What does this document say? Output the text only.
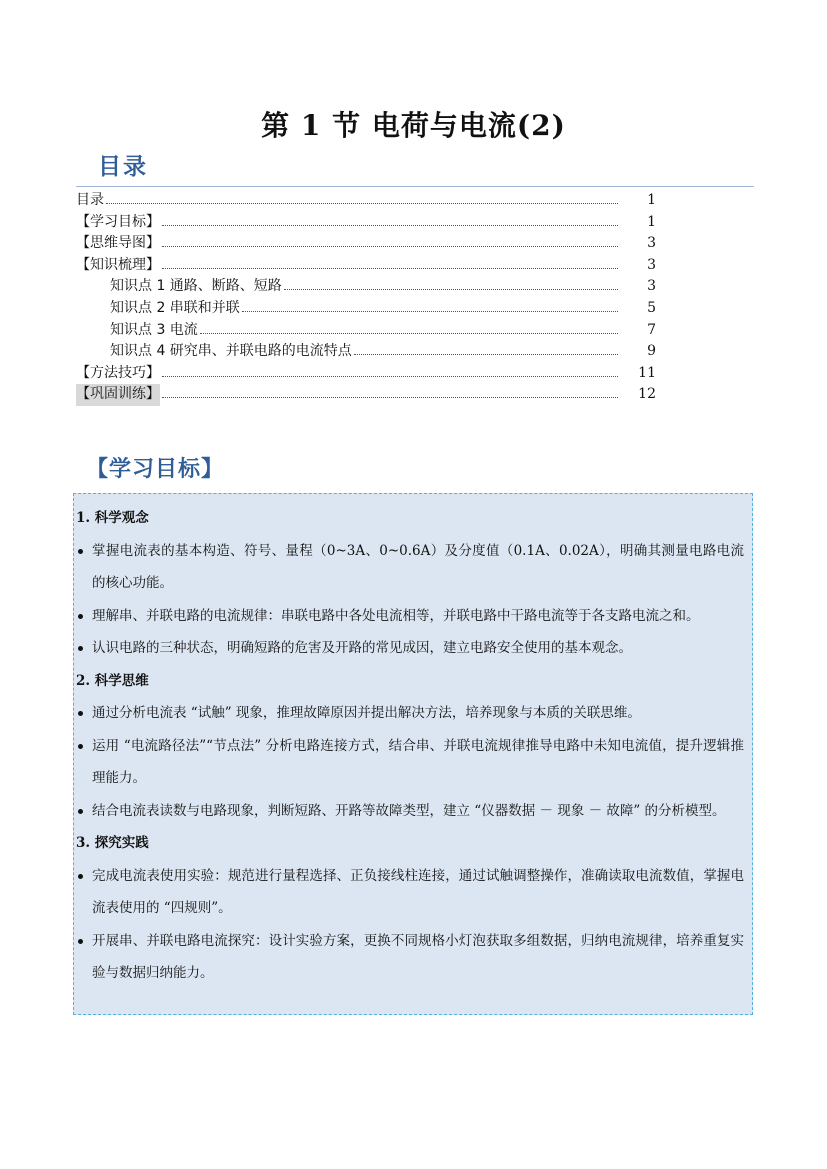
第 1 节 电荷与电流(2)
目录
目录	1
【学习目标】	1
【思维导图】	3
【知识梳理】	3
知识点 1 通路、断路、短路	3
知识点 2 串联和并联	5
知识点 3 电流	7
知识点 4 研究串、并联电路的电流特点	9
【方法技巧】	11
【巩固训练】	12
【学习目标】

1. 科学观念

掌握电流表的基本构造、符号、量程（0~3A、0~0.6A）及分度值（0.1A、0.02A），明确其测量电路电流的核心功能。
理解串、并联电路的电流规律：串联电路中各处电流相等，并联电路中干路电流等于各支路电流之和。
认识电路的三种状态，明确短路的危害及开路的常见成因，建立电路安全使用的基本观念。

2. 科学思维

通过分析电流表 “试触” 现象，推理故障原因并提出解决方法，培养现象与本质的关联思维。
运用 “电流路径法”“节点法” 分析电路连接方式，结合串、并联电流规律推导电路中未知电流值，提升逻辑推理能力。
结合电流表读数与电路现象，判断短路、开路等故障类型，建立 “仪器数据 － 现象 － 故障” 的分析模型。

3. 探究实践

完成电流表使用实验：规范进行量程选择、正负接线柱连接，通过试触调整操作，准确读取电流数值，掌握电流表使用的 “四规则”。
开展串、并联电路电流探究：设计实验方案，更换不同规格小灯泡获取多组数据，归纳电流规律，培养重复实验与数据归纳能力。
